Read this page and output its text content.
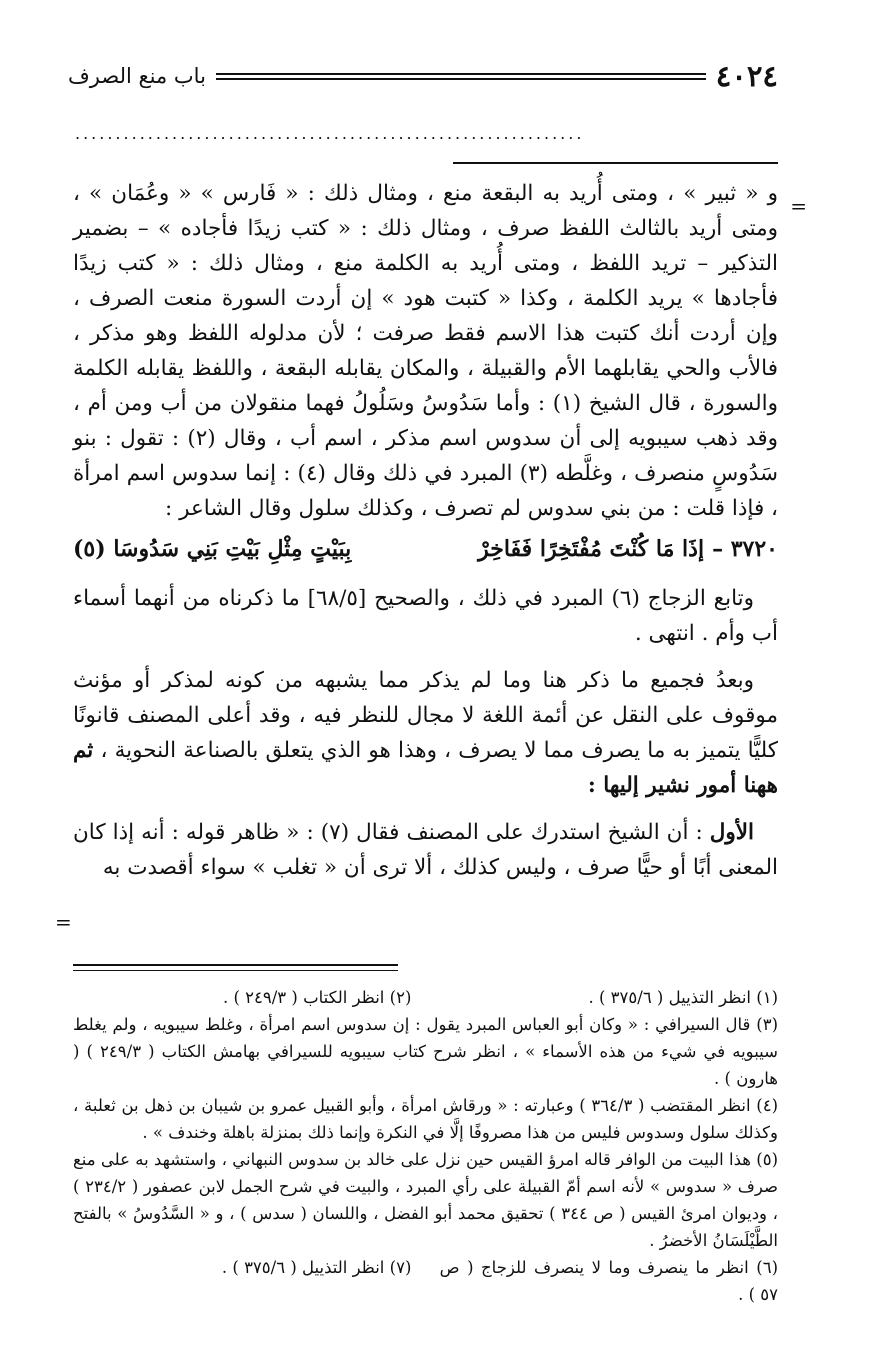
٤٠٢٤
باب منع الصرف
...............................................................
=

و « ثبير » ، ومتى أُريد به البقعة منع ، ومثال ذلك : « فَارس » « وعُمَان » ، ومتى أريد بالثالث اللفظ صرف ، ومثال ذلك : « كتب زيدًا فأجاده » – بضمير التذكير – تريد اللفظ ، ومتى أُريد به الكلمة منع ، ومثال ذلك : « كتب زيدًا فأجادها » يريد الكلمة ، وكذا « كتبت هود » إن أردت السورة منعت الصرف ، وإن أردت أنك كتبت هذا الاسم فقط صرفت ؛ لأن مدلوله اللفظ وهو مذكر ، فالأب والحي يقابلهما الأم والقبيلة ، والمكان يقابله البقعة ، واللفظ يقابله الكلمة والسورة ، قال الشيخ (١) : وأما سَدُوسُ وسَلُولُ فهما منقولان من أب ومن أم ، وقد ذهب سيبويه إلى أن سدوس اسم مذكر ، اسم أب ، وقال (٢) : تقول : بنو سَدُوسٍ منصرف ، وغلَّطه (٣) المبرد في ذلك وقال (٤) : إنما سدوس اسم امرأة ، فإذا قلت : من بني سدوس لم تصرف ، وكذلك سلول وقال الشاعر :

٣٧٢٠ –إذَا مَا كُنْتَ مُفْتَخِرًا فَفَاخِرْ
بِبَيْتٍ مِثْلِ بَيْتِ بَنِي سَدُوسَا (٥)

وتابع الزجاج (٦) المبرد في ذلك ، والصحيح [٦٨/٥] ما ذكرناه من أنهما أسماء أب وأم . انتهى .

وبعدُ فجميع ما ذكر هنا وما لم يذكر مما يشبهه من كونه لمذكر أو مؤنث موقوف على النقل عن أئمة اللغة لا مجال للنظر فيه ، وقد أعلى المصنف قانونًا كليًّا يتميز به ما يصرف مما لا يصرف ، وهذا هو الذي يتعلق بالصناعة النحوية ، ثم ههنا أمور نشير إليها :

الأول : أن الشيخ استدرك على المصنف فقال (٧) : « ظاهر قوله : أنه إذا كان المعنى أبًا أو حيًّا صرف ، وليس كذلك ، ألا ترى أن « تغلب » سواء أقصدت به

=

(١) انظر التذييل ( ٣٧٥/٦ ) .
(٢) انظر الكتاب ( ٢٤٩/٣ ) .

(٣) قال السيرافي : « وكان أبو العباس المبرد يقول : إن سدوس اسم امرأة ، وغلط سيبويه ، ولم يغلط سيبويه في شيء من هذه الأسماء » ، انظر شرح كتاب سيبويه للسيرافي بهامش الكتاب ( ٢٤٩/٣ ) ( هارون ) .

(٤) انظر المقتضب ( ٣٦٤/٣ ) وعبارته : « ورقاش امرأة ، وأبو القبيل عمرو بن شيبان بن ذهل بن ثعلبة ، وكذلك سلول وسدوس فليس من هذا مصروفًا إلَّا في النكرة وإنما ذلك بمنزلة باهلة وخندف » .

(٥) هذا البيت من الوافر قاله امرؤ القيس حين نزل على خالد بن سدوس النبهاني ، واستشهد به على منع صرف « سدوس » لأنه اسم أمّ القبيلة على رأي المبرد ، والبيت في شرح الجمل لابن عصفور ( ٢٣٤/٢ ) ، وديوان امرئ القيس ( ص ٣٤٤ ) تحقيق محمد أبو الفضل ، واللسان ( سدس ) ، و « السَّدُوسُ » بالفتح الطَّيْلَسَانُ الأخضرُ .

(٦) انظر ما ينصرف وما لا ينصرف للزجاج ( ص ٥٧ ) .
(٧) انظر التذييل ( ٣٧٥/٦ ) .
